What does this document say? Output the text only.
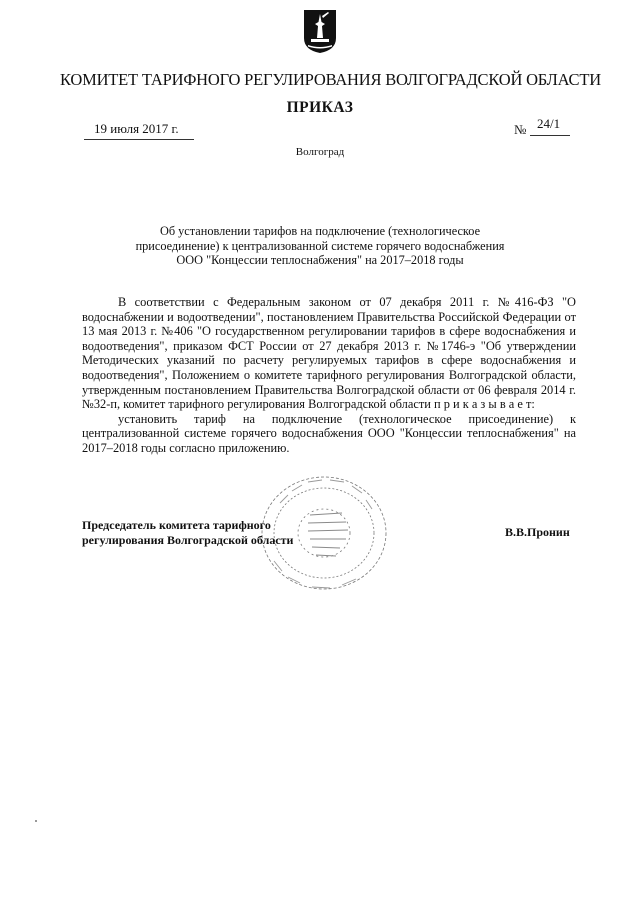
КОМИТЕТ ТАРИФНОГО РЕГУЛИРОВАНИЯ ВОЛГОГРАДСКОЙ ОБЛАСТИ
ПРИКАЗ
19 июля 2017 г.	№ 24/1
Волгоград
Об установлении тарифов на подключение (технологическое
присоединение) к централизованной системе горячего водоснабжения
ООО "Концессии теплоснабжения" на 2017–2018 годы

В соответствии с Федеральным законом от 07 декабря 2011 г. №416-ФЗ "О водоснабжении и водоотведении", постановлением Правительства Российской Федерации от 13 мая 2013 г. №406 "О государственном регулировании тарифов в сфере водоснабжения и водоотведения", приказом ФСТ России от 27 декабря 2013 г. №1746-э "Об утверждении Методических указаний по расчету регулируемых тарифов в сфере водоснабжения и водоотведения", Положением о комитете тарифного регулирования Волгоградской области, утвержденным постановлением Правительства Волгоградской области от 06 февраля 2014 г. №32-п, комитет тарифного регулирования Волгоградской области п р и к а з ы в а е т:

установить тариф на подключение (технологическое присоединение) к централизованной системе горячего водоснабжения ООО "Концессии теплоснабжения" на 2017–2018 годы согласно приложению.

Председатель комитета тарифного
регулирования Волгоградской области
В.В.Пронин
